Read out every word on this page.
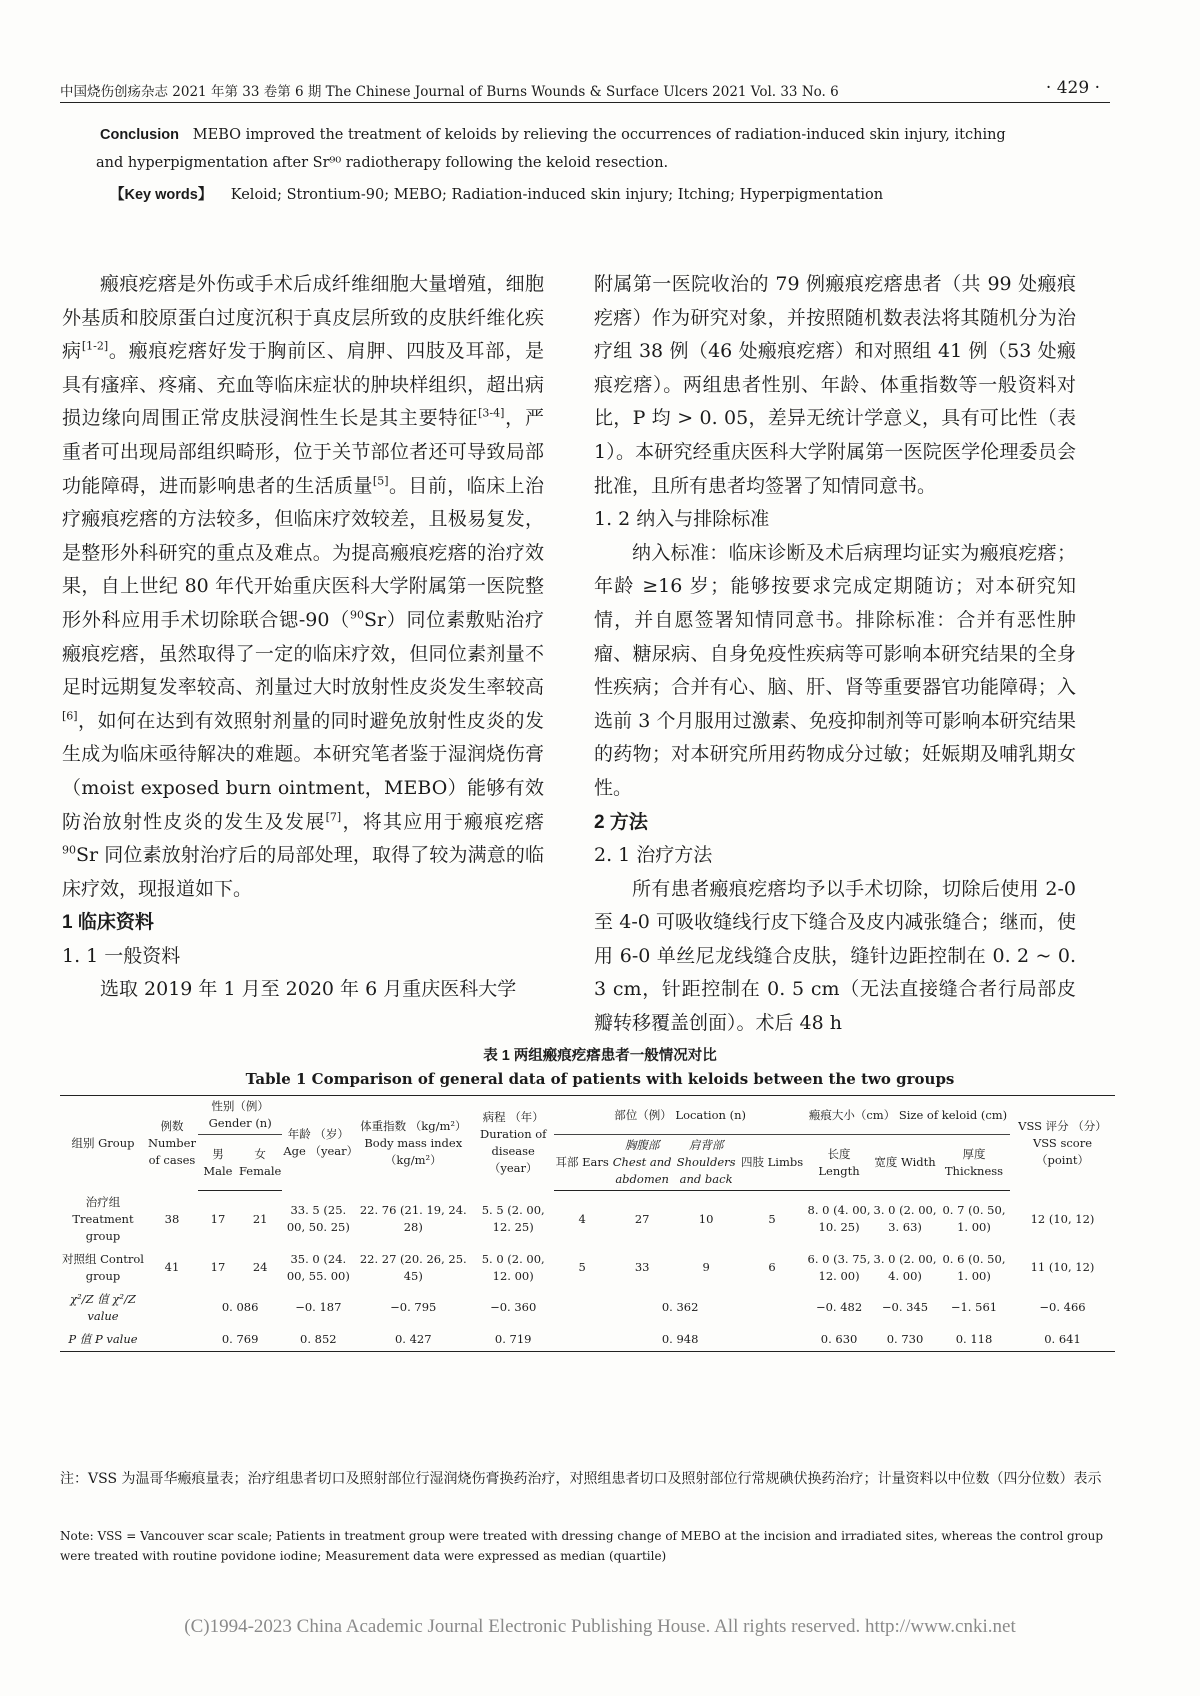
中国烧伤创疡杂志 2021 年第 33 卷第 6 期 The Chinese Journal of Burns Wounds & Surface Ulcers 2021 Vol. 33 No. 6	· 429 ·
Conclusion MEBO improved the treatment of keloids by relieving the occurrences of radiation-induced skin injury, itching
and hyperpigmentation after Sr⁹⁰ radiotherapy following the keloid resection.
【Key words】 Keloid; Strontium-90; MEBO; Radiation-induced skin injury; Itching; Hyperpigmentation

瘢痕疙瘩是外伤或手术后成纤维细胞大量增殖，细胞外基质和胶原蛋白过度沉积于真皮层所致的皮肤纤维化疾病[1-2]。瘢痕疙瘩好发于胸前区、肩胛、四肢及耳部，是具有瘙痒、疼痛、充血等临床症状的肿块样组织，超出病损边缘向周围正常皮肤浸润性生长是其主要特征[3-4]，严重者可出现局部组织畸形，位于关节部位者还可导致局部功能障碍，进而影响患者的生活质量[5]。目前，临床上治疗瘢痕疙瘩的方法较多，但临床疗效较差，且极易复发，是整形外科研究的重点及难点。为提高瘢痕疙瘩的治疗效果，自上世纪 80 年代开始重庆医科大学附属第一医院整形外科应用手术切除联合锶-90（$^{90}$Sr）同位素敷贴治疗瘢痕疙瘩，虽然取得了一定的临床疗效，但同位素剂量不足时远期复发率较高、剂量过大时放射性皮炎发生率较高[6]，如何在达到有效照射剂量的同时避免放射性皮炎的发生成为临床亟待解决的难题。本研究笔者鉴于湿润烧伤膏（moist exposed burn ointment，MEBO）能够有效防治放射性皮炎的发生及发展[7]，将其应用于瘢痕疙瘩$^{90}$Sr 同位素放射治疗后的局部处理，取得了较为满意的临床疗效，现报道如下。

1 临床资料

1. 1 一般资料

选取 2019 年 1 月至 2020 年 6 月重庆医科大学

附属第一医院收治的 79 例瘢痕疙瘩患者（共 99 处瘢痕疙瘩）作为研究对象，并按照随机数表法将其随机分为治疗组 38 例（46 处瘢痕疙瘩）和对照组 41 例（53 处瘢痕疙瘩）。两组患者性别、年龄、体重指数等一般资料对比，P 均 > 0. 05，差异无统计学意义，具有可比性（表 1）。本研究经重庆医科大学附属第一医院医学伦理委员会批准，且所有患者均签署了知情同意书。

1. 2 纳入与排除标准

纳入标准：临床诊断及术后病理均证实为瘢痕疙瘩；年龄 ≥16 岁；能够按要求完成定期随访；对本研究知情，并自愿签署知情同意书。排除标准：合并有恶性肿瘤、糖尿病、自身免疫性疾病等可影响本研究结果的全身性疾病；合并有心、脑、肝、肾等重要器官功能障碍；入选前 3 个月服用过激素、免疫抑制剂等可影响本研究结果的药物；对本研究所用药物成分过敏；妊娠期及哺乳期女性。

2 方法

2. 1 治疗方法

所有患者瘢痕疙瘩均予以手术切除，切除后使用 2-0 至 4-0 可吸收缝线行皮下缝合及皮内减张缝合；继而，使用 6-0 单丝尼龙线缝合皮肤，缝针边距控制在 0. 2 ~ 0. 3 cm，针距控制在 0. 5 cm（无法直接缝合者行局部皮瓣转移覆盖创面）。术后 48 h

表 1 两组瘢痕疙瘩患者一般情况对比
Table 1 Comparison of general data of patients with keloids between the two groups
组别 Group	例数 Number of cases	性别（例） Gender (n)		年龄 （岁） Age （year）	体重指数 （kg/m²） Body mass index （kg/m²）	病程 （年） Duration of disease （year）	部位（例） Location (n)				瘢痕大小（cm） Size of keloid (cm)			VSS 评分 （分） VSS score （point）
		男 Male	女 Female				耳部 Ears	胸腹部 Chest and abdomen	肩背部 Shoulders and back	四肢 Limbs	长度 Length	宽度 Width	厚度 Thickness	
治疗组 Treatment group	38	17	21	33. 5 (25. 00, 50. 25)	22. 76 (21. 19, 24. 28)	5. 5 (2. 00, 12. 25)	4	27	10	5	8. 0 (4. 00, 10. 25)	3. 0 (2. 00, 3. 63)	0. 7 (0. 50, 1. 00)	12 (10, 12)
对照组 Control group	41	17	24	35. 0 (24. 00, 55. 00)	22. 27 (20. 26, 25. 45)	5. 0 (2. 00, 12. 00)	5	33	9	6	6. 0 (3. 75, 12. 00)	3. 0 (2. 00, 4. 00)	0. 6 (0. 50, 1. 00)	11 (10, 12)
χ²/Z 值 χ²/Z value		0. 086		−0. 187	−0. 795	−0. 360	0. 362				−0. 482	−0. 345	−1. 561	−0. 466
P 值 P value		0. 769		0. 852	0. 427	0. 719	0. 948				0. 630	0. 730	0. 118	0. 641
注：VSS 为温哥华瘢痕量表；治疗组患者切口及照射部位行湿润烧伤膏换药治疗，对照组患者切口及照射部位行常规碘伏换药治疗；计量资料以中位数（四分位数）表示
Note: VSS = Vancouver scar scale; Patients in treatment group were treated with dressing change of MEBO at the incision and irradiated sites, whereas the control group were treated with routine povidone iodine; Measurement data were expressed as median (quartile)
(C)1994-2023 China Academic Journal Electronic Publishing House. All rights reserved. http://www.cnki.net
